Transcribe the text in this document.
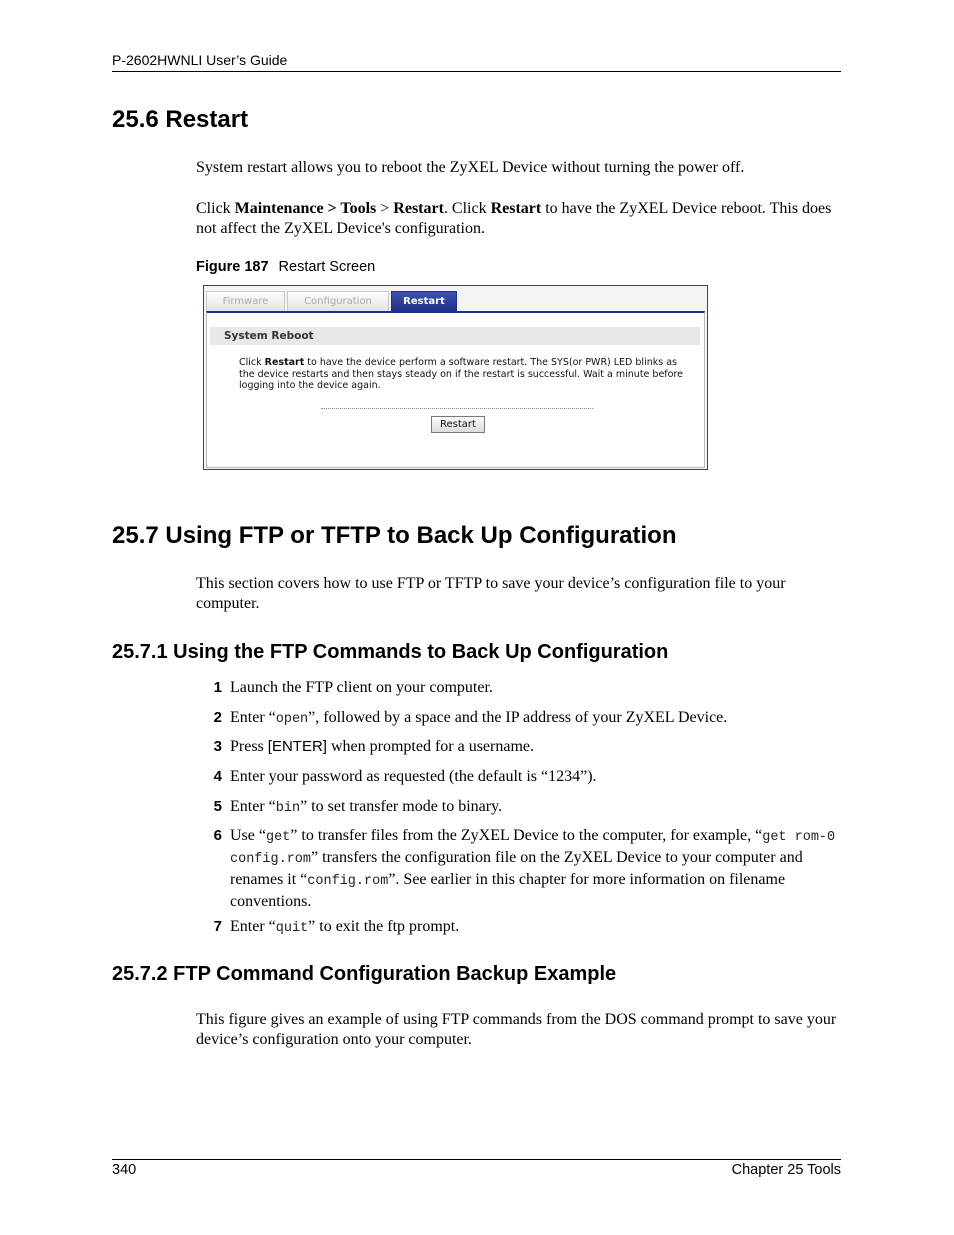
P-2602HWNLI User’s Guide
25.6 Restart

System restart allows you to reboot the ZyXEL Device without turning the power off.

Click Maintenance > Tools > Restart. Click Restart to have the ZyXEL Device reboot. This does not affect the ZyXEL Device's configuration.

Figure 187 Restart Screen
Firmware	Configuration	Restart
System Reboot
Click Restart to have the device perform a software restart. The SYS(or PWR) LED blinks as the device restarts and then stays steady on if the restart is successful. Wait a minute before logging into the device again.
Restart
25.7 Using FTP or TFTP to Back Up Configuration

This section covers how to use FTP or TFTP to save your device’s configuration file to your computer.

25.7.1 Using the FTP Commands to Back Up Configuration
1 Launch the FTP client on your computer.
2 Enter “open”, followed by a space and the IP address of your ZyXEL Device.
3 Press [ENTER] when prompted for a username.
4 Enter your password as requested (the default is “1234”).
5 Enter “bin” to set transfer mode to binary.
6 Use “get” to transfer files from the ZyXEL Device to the computer, for example, “get rom-0 config.rom” transfers the configuration file on the ZyXEL Device to your computer and renames it “config.rom”. See earlier in this chapter for more information on filename conventions.
7 Enter “quit” to exit the ftp prompt.
25.7.2 FTP Command Configuration Backup Example

This figure gives an example of using FTP commands from the DOS command prompt to save your device’s configuration onto your computer.

340	Chapter 25 Tools
